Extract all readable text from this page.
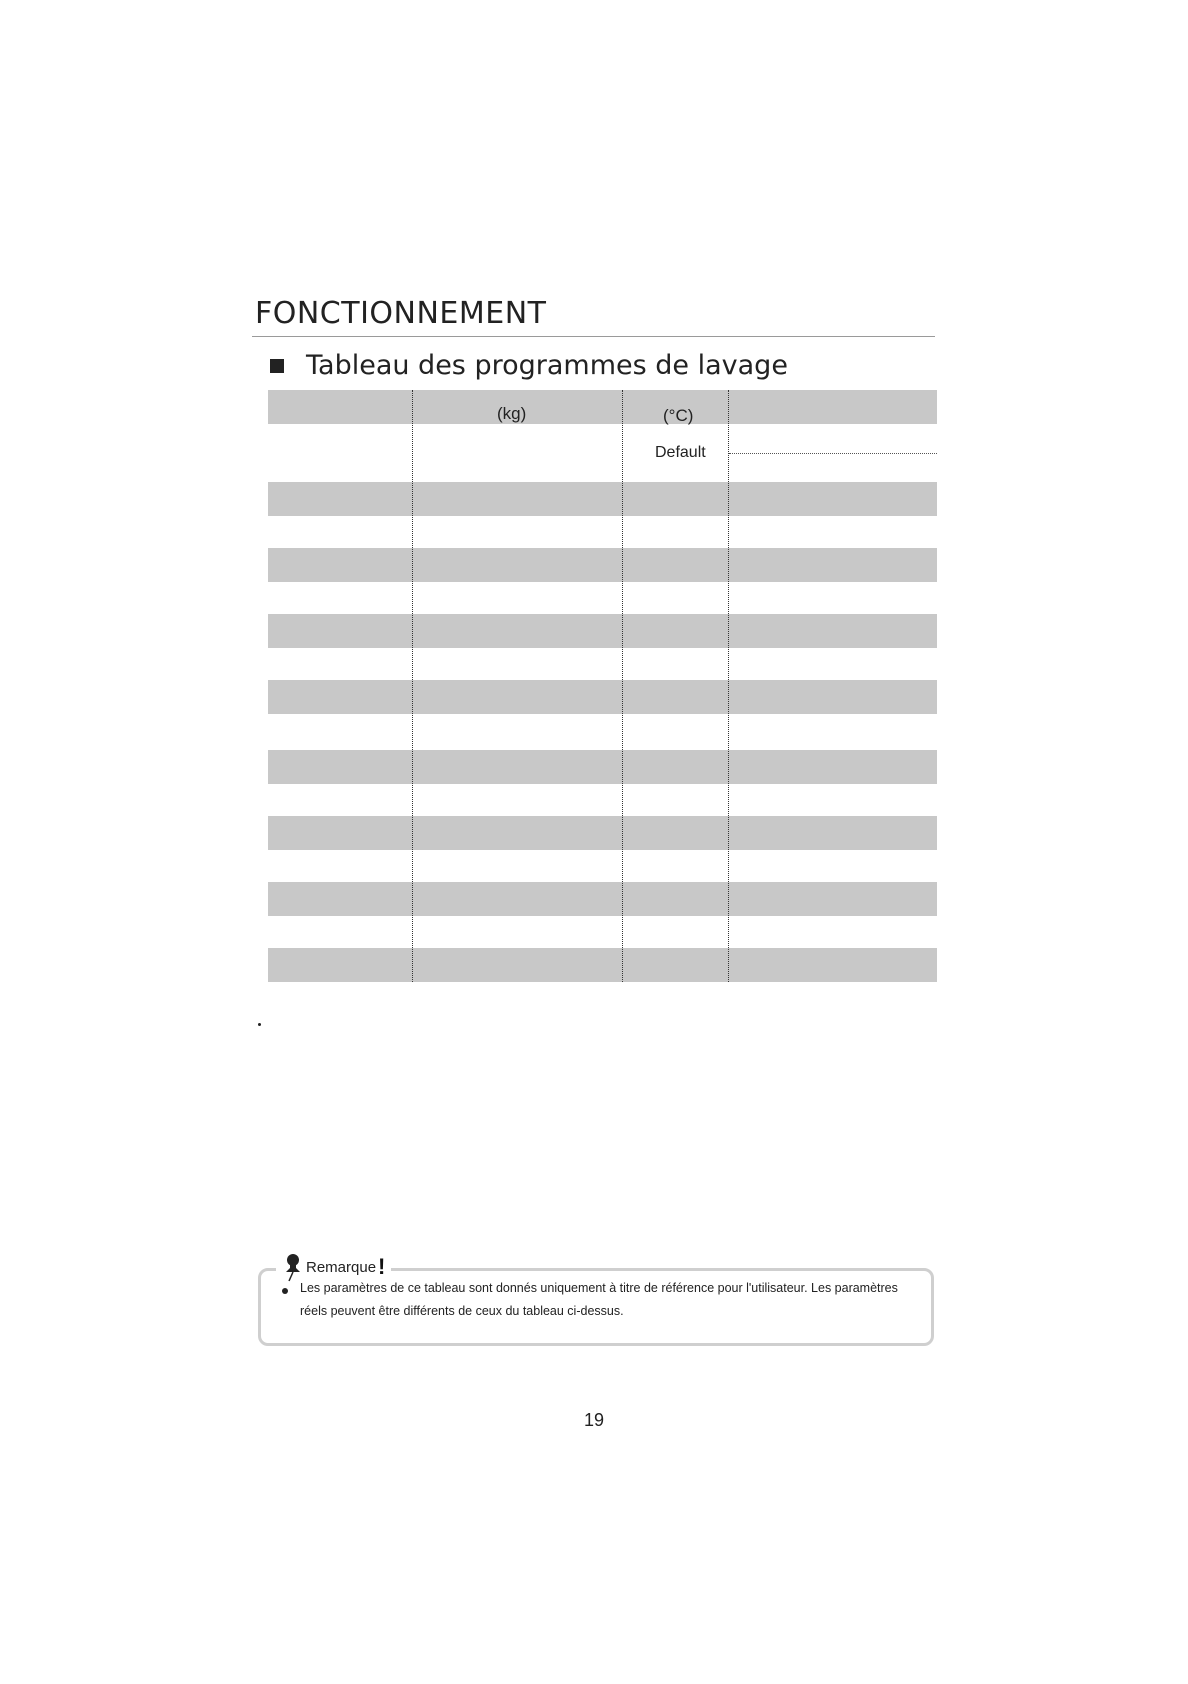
FONCTIONNEMENT
Tableau des programmes de lavage
(kg)	(°C)
Default
Remarque !
Les paramètres de ce tableau sont donnés uniquement à titre de référence pour l'utilisateur. Les paramètres réels peuvent être différents de ceux du tableau ci-dessus.
19
